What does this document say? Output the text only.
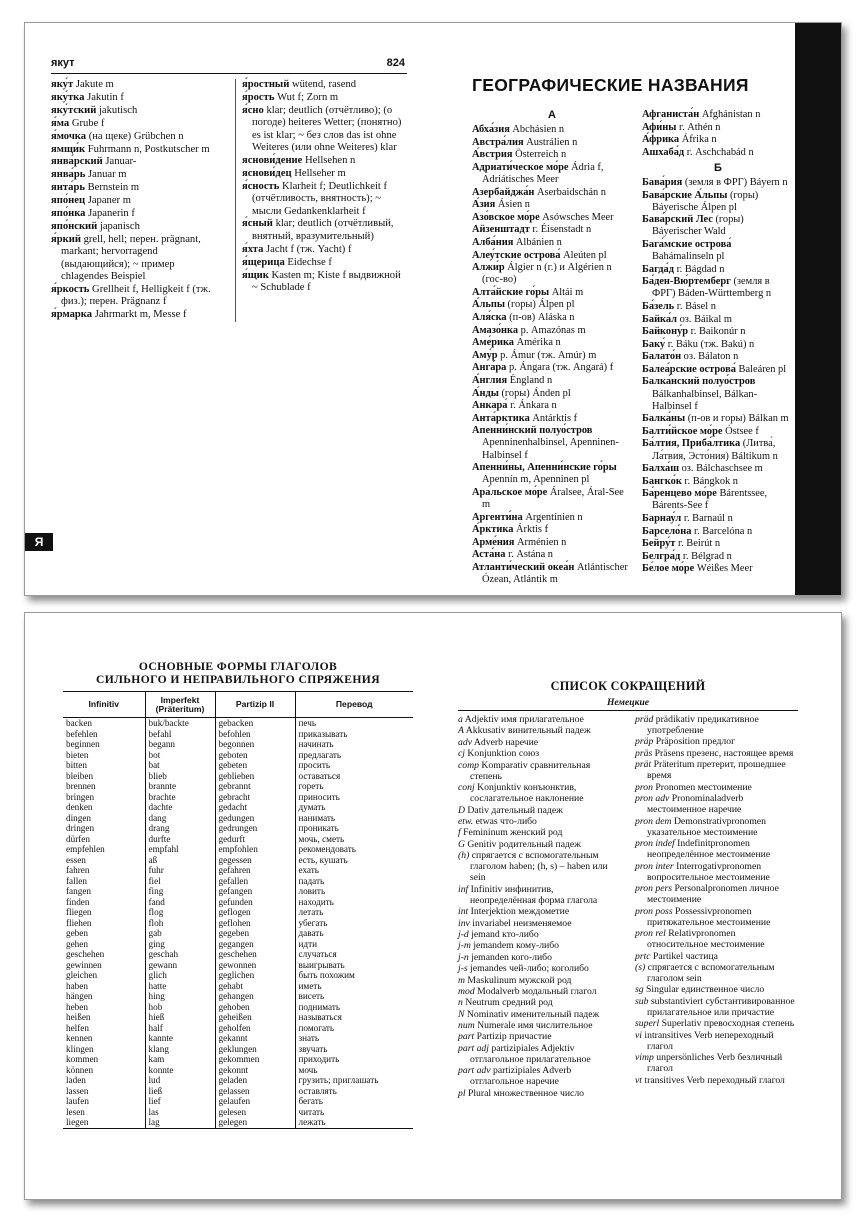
якут	824
яку́т Jakute m
яку́тка Jakutin f
яку́тский jakutisch
я́ма Grube f
я́мочка (на щеке) Grübchen n
ямщи́к Fuhrmann n, Postkutscher m
янва́рский Januar-
янва́рь Januar m
янта́рь Bernstein m
япо́нец Japaner m
япо́нка Japanerin f
япо́нский japanisch
я́ркий grell, hell; перен. prägnant, markant; hervorragend (выдающийся); ~ пример chlagendes Beispiel
я́ркость Grellheit f, Helligkeit f (тж. физ.); перен. Prägnanz f
я́рмарка Jahrmarkt m, Messe f
я́ростный wütend, rasend
я́рость Wut f; Zorn m
я́сно klar; deutlich (отчётливо); (о погоде) heiteres Wetter; (понятно) es ist klar; ~ без слов das ist ohne Weiteres (или ohne Weiteres) klar
яснови́дение Hellsehen n
яснови́дец Hellseher m
я́сность Klarheit f; Deutlichkeit f (отчётливость, внятность); ~ мысли Gedankenklarheit f
я́сный klar; deutlich (отчётливый, внятный, вразумительный)
я́хта Jacht f (тж. Yacht) f
я́щерица Eidechse f
я́щик Kasten m; Kiste f выдвижной ~ Schublade f
Я
ГЕОГРАФИЧЕСКИЕ НАЗВАНИЯ
А
Абха́зия Abchásien n
Австра́лия Austrálien n
А́встрия Österreich n
Адриати́ческое мо́ре Ádria f, Adriátisches Meer
Азербайджа́н Aserbaidschán n
А́зия Ásien n
Азо́вское мо́ре Asówsches Meer
Айзенштадт г. Éisenstadt n
Алба́ния Albánien n
Алеу́тские острова́ Aleúten pl
Алжи́р Álgier n (г.) и Algérien n (гос-во)
Алта́йские го́ры Altái m
А́льпы (горы) Álpen pl
Аля́ска (п-ов) Aláska n
Амазо́нка р. Amazónas m
Аме́рика Amérika n
Аму́р р. Ámur (тж. Amúr) m
Анга́ра р. Ángara (тж. Angará) f
А́нглия Éngland n
А́нды (горы) Ánden pl
Анкара́ г. Ánkara n
Анта́рктика Antárktis f
Апенни́нский полуо́стров Apenninenhalbinsel, Apenninen-Halbinsel f
Апенни́ны, Апенни́нские го́ры Apennín m, Apenninen pl
Ара́льское мо́ре Áralsee, Áral-See m
Аргенти́на Argentínien n
А́рктика Árktis f
Арме́ния Arménien n
Аста́на г. Astána n
Атланти́ческий океа́н Atlántischer Ózean, Atlántik m
Афганиста́н Afghánistan n
Афи́ны г. Athén n
А́фрика Áfrika n
Ашхаба́д г. Aschchabád n
Б
Бава́рия (земля в ФРГ) Báyern n
Бава́рские А́льпы (горы) Báyerische Álpen pl
Бава́рский Лес (горы) Báyerischer Wald
Бага́мские острова́ Bahámalinseln pl
Багда́д г. Bágdad n
Ба́ден-Вю́ртемберг (земля в ФРГ) Báden-Württemberg n
Ба́зель г. Básel n
Байка́л оз. Báikal m
Байкону́р г. Baikonúr n
Баку́ г. Báku (тж. Bakú) n
Балато́н оз. Bálaton n
Балеа́рские острова́ Baleáren pl
Балка́нский полуо́стров Bálkanhalbinsel, Bálkan-Halbinsel f
Балка́ны (п-ов и горы) Bálkan m
Балти́йское мо́ре Óstsee f
Ба́лтия, Приба́лтика (Литва́, Ла́твия, Эсто́ния) Báltikum n
Балха́ш оз. Bálchaschsee m
Бангко́к г. Bángkok n
Ба́ренцево мо́ре Bárentssee, Bárents-See f
Барнау́л г. Barnaúl n
Барсело́на г. Barcelóna n
Бейру́т г. Beirút n
Белгра́д г. Bélgrad n
Бе́лое мо́ре Wéißes Meer
ОСНОВНЫЕ ФОРМЫ ГЛАГОЛОВ
СИЛЬНОГО И НЕПРАВИЛЬНОГО СПРЯЖЕНИЯ
Infinitiv	Imperfekt (Präteritum)	Partizip II	Перевод
backen	buk/backte	gebacken	печь
befehlen	befahl	befohlen	приказывать
beginnen	begann	begonnen	начинать
bieten	bot	geboten	предлагать
bitten	bat	gebeten	просить
bleiben	blieb	geblieben	оставаться
brennen	brannte	gebrannt	гореть
bringen	brachte	gebracht	приносить
denken	dachte	gedacht	думать
dingen	dang	gedungen	нанимать
dringen	drang	gedrungen	проникать
dürfen	durfte	gedurft	мочь, сметь
empfehlen	empfahl	empfohlen	рекомендовать
essen	aß	gegessen	есть, кушать
fahren	fuhr	gefahren	ехать
fallen	fiel	gefallen	падать
fangen	fing	gefangen	ловить
finden	fand	gefunden	находить
fliegen	flog	geflogen	летать
fliehen	floh	geflohen	убегать
geben	gab	gegeben	давать
gehen	ging	gegangen	идти
geschehen	geschah	geschehen	случаться
gewinnen	gewann	gewonnen	выигрывать
gleichen	glich	geglichen	быть похожим
haben	hatte	gehabt	иметь
hängen	hing	gehangen	висеть
heben	hob	gehoben	поднимать
heißen	hieß	geheißen	называться
helfen	half	geholfen	помогать
kennen	kannte	gekannt	знать
klingen	klang	geklungen	звучать
kommen	kam	gekommen	приходить
können	konnte	gekonnt	мочь
laden	lud	geladen	грузить; приглашать
lassen	ließ	gelassen	оставлять
laufen	lief	gelaufen	бегать
lesen	las	gelesen	читать
liegen	lag	gelegen	лежать
СПИСОК СОКРАЩЕНИЙ
Немецкие
a Adjektiv имя прилагательное
A Akkusativ винительный падеж
adv Adverb наречие
cj Konjunktion союз
comp Komparativ сравнительная степень
conj Konjunktiv конъюнктив, сослагательное наклонение
D Dativ дательный падеж
etw. etwas что-либо
f Femininum женский род
G Genitiv родительный падеж
(h) спрягается с вспомогательным глаголом haben; (h, s) – haben или sein
inf Infinitiv инфинитив, неопределённая форма глагола
int Interjektion междометие
inv invariabel неизменяемое
j-d jemand кто-либо
j-m jemandem кому-либо
j-n jemanden кого-либо
j-s jemandes чей-либо; коголибо
m Maskulinum мужской род
mod Modalverb модальный глагол
n Neutrum средний род
N Nominativ именительный падеж
num Numerale имя числительное
part Partizip причастие
part adj partizipiales Adjektiv отглагольное прилагательное
part adv partizipiales Adverb отглагольное наречие
pl Plural множественное число
präd prädikativ предикативное употребление
präp Präposition предлог
präs Präsens презенс, настоящее время
prät Präteritum претерит, прошедшее время
pron Pronomen местоимение
pron adv Pronominaladverb местоименное наречие
pron dem Demonstrativpronomen указательное местоимение
pron indef Indefinitpronomen неопределённое местоимение
pron inter Interrogativpronomen вопросительное местоимение
pron pers Personalpronomen личное местоимение
pron poss Possessivpronomen притяжательное местоимение
pron rel Relativpronomen относительное местоимение
prtc Partikel частица
(s) спрягается с вспомогательным глаголом sein
sg Singular единственное число
sub substantiviert субстантивированное прилагательное или причастие
superl Superlativ превосходная степень
vi intransitives Verb непереходный глагол
vimp unpersönliches Verb безличный глагол
vt transitives Verb переходный глагол
